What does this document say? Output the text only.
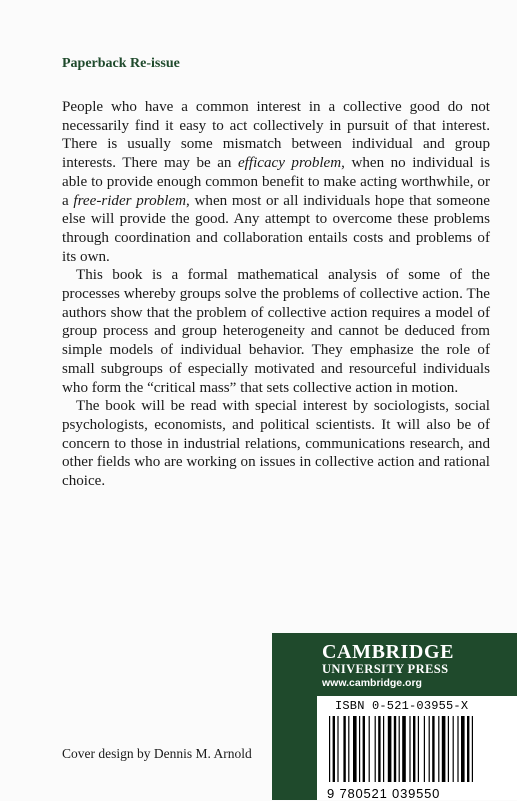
Paperback Re-issue

People who have a common interest in a collective good do not necessarily find it easy to act collectively in pursuit of that interest. There is usually some mismatch between individual and group interests. There may be an efficacy problem, when no individual is able to provide enough common benefit to make acting worthwhile, or a free-rider problem, when most or all individuals hope that someone else will provide the good. Any attempt to overcome these problems through coordination and collaboration entails costs and problems of its own.

This book is a formal mathematical analysis of some of the processes whereby groups solve the problems of collective action. The authors show that the problem of collective action requires a model of group process and group heterogeneity and cannot be deduced from simple models of individual behavior. They emphasize the role of small subgroups of especially motivated and resourceful individuals who form the “critical mass” that sets collective action in motion.

The book will be read with special interest by sociologists, social psychologists, economists, and political scientists. It will also be of concern to those in industrial relations, communications research, and other fields who are working on issues in collective action and rational choice.

CAMBRIDGE
UNIVERSITY PRESS
www.cambridge.org
ISBN 0-521-03955-X
9 780521 039550
Cover design by Dennis M. Arnold
